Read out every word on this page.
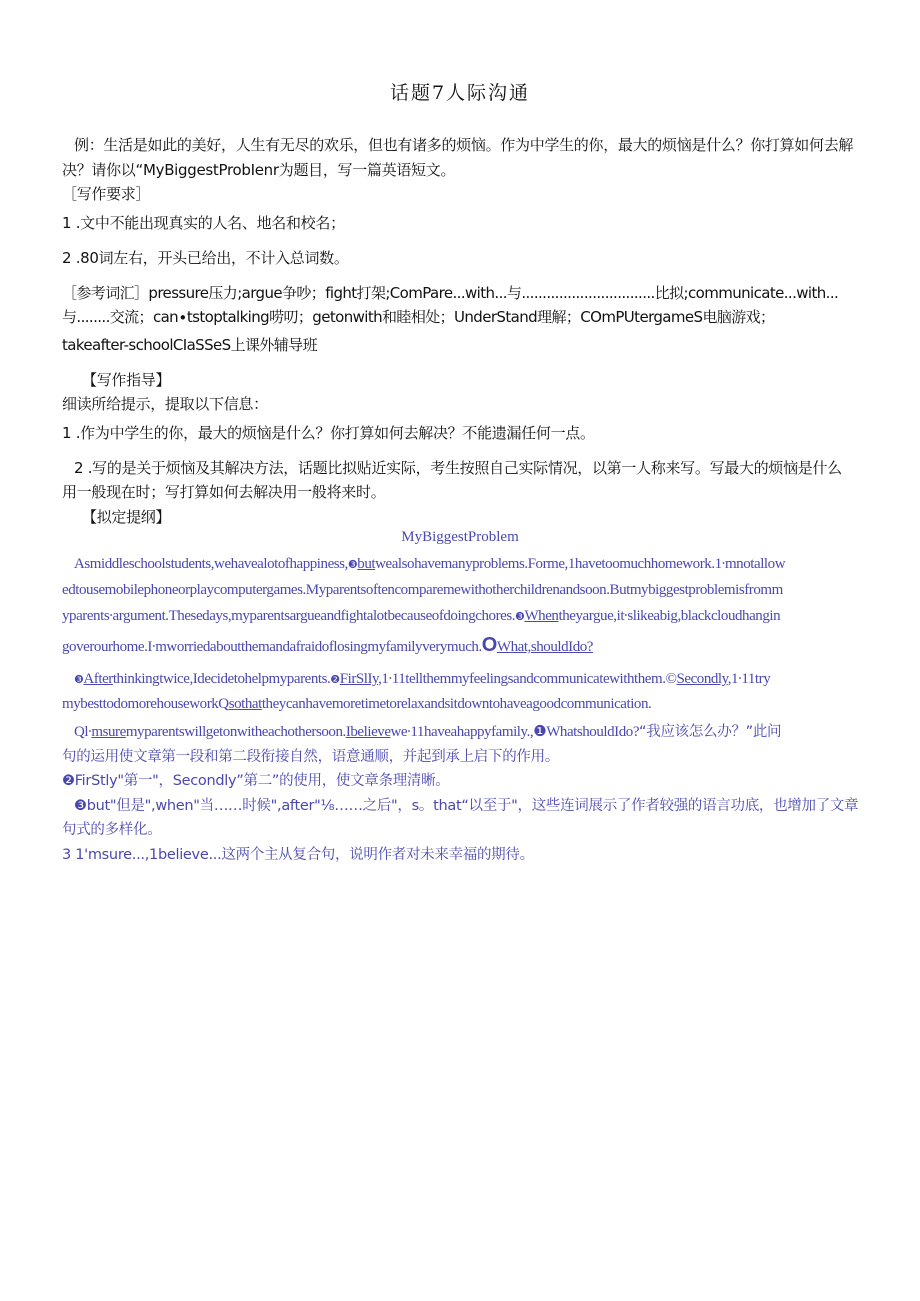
话题7人际沟通
例：生活是如此的美好，人生有无尽的欢乐，但也有诸多的烦恼。作为中学生的你，最大的烦恼是什么？你打算如何去解
决？请你以“MyBiggestProbIenr为题目，写一篇英语短文。
［写作要求］
1 .文中不能出现真实的人名、地名和校名；
2 .80词左右，开头已给出，不计入总词数。
［参考词汇］pressure压力;argue争吵；fight打架;ComPare...with...与................................比拟;communicate...with...
与........交流；can∙tstoptalking唠叨；getonwith和睦相处；UnderStand理解；COmPUtergameS电脑游戏；
takeafter-schoolCIaSSeS上课外辅导班
【写作指导】
细读所给提示，提取以下信息：
1 .作为中学生的你，最大的烦恼是什么？你打算如何去解决？不能遗漏任何一点。
2 .写的是关于烦恼及其解决方法，话题比拟贴近实际，考生按照自己实际情况，以第一人称来写。写最大的烦恼是什么
用一般现在时；写打算如何去解决用一般将来时。
【拟定提纲】
MyBiggestProblem
Asmiddleschoolstudents,wehavealotofhappiness,❸butwealsohavemanyproblems.Forme,1havetoomuchhomework.1∙mnotallow
edtousemobilephoneorplaycomputergames.Myparentsoftencomparemewithotherchildrenandsoon.Butmybiggestproblemisfromm
yparents∙argument.Thesedays,myparentsargueandfightalotbecauseofdoingchores.❸Whentheyargue,it∙slikeabig,blackcloudhangin
goverourhome.I∙mworriedaboutthemandafraidoflosingmyfamilyverymuch.OWhat,shouldIdo?
❸Afterthinkingtwice,Idecidetohelpmyparents.❷FirSlIy,1∙11tellthemmyfeelingsandcommunicatewiththem.©Secondly,1∙11try
mybesttodomorehouseworkQsothattheycanhavemoretimetorelaxandsitdowntohaveagoodcommunication.
Ql∙msuremyparentswillgetonwitheachothersoon.Ibelievewe∙11haveahappyfamily.,❶WhatshouldIdo?“我应该怎么办？”此问
句的运用使文章第一段和第二段衔接自然，语意通顺，并起到承上启下的作用。
❷FirStly"第一"，Secondly”第二”的使用，使文章条理清晰。
❸but"但是",when"当……时候",after"⅛……之后"，s。that“以至于"，这些连词展示了作者较强的语言功底，也增加了文章
句式的多样化。
3 1'msure...,1believe...这两个主从复合句，说明作者对未来幸福的期待。
